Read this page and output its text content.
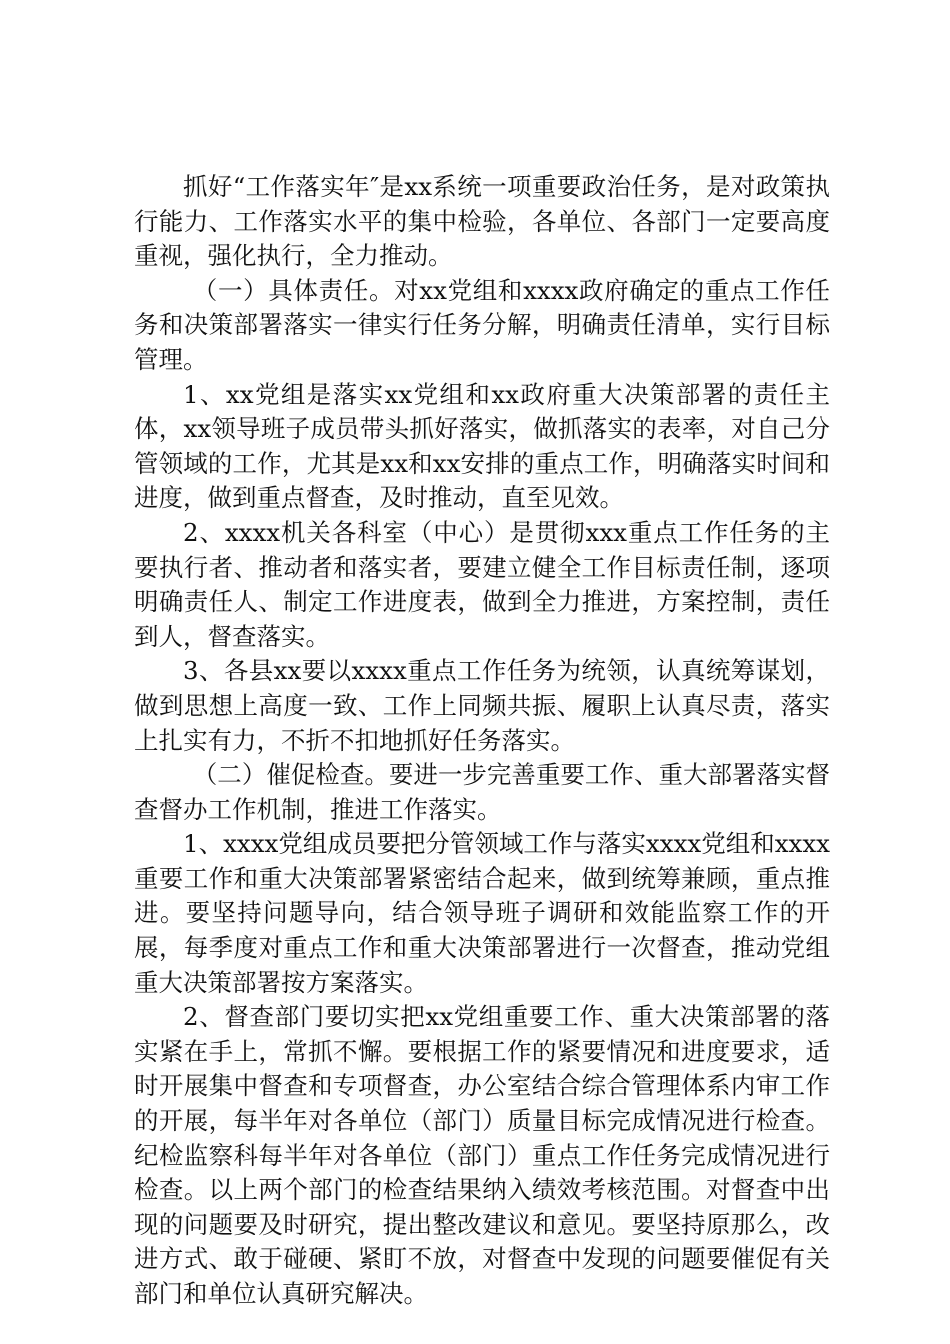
抓好“工作落实年″是xx系统一项重要政治任务，是对政策执行能力、工作落实水平的集中检验，各单位、各部门一定要高度重视，强化执行，全力推动。

（一）具体责任。对xx党组和xxxx政府确定的重点工作任务和决策部署落实一律实行任务分解，明确责任清单，实行目标管理。

1、xx党组是落实xx党组和xx政府重大决策部署的责任主体，xx领导班子成员带头抓好落实，做抓落实的表率，对自己分管领域的工作，尤其是xx和xx安排的重点工作，明确落实时间和进度，做到重点督查，及时推动，直至见效。

2、xxxx机关各科室（中心）是贯彻xxx重点工作任务的主要执行者、推动者和落实者，要建立健全工作目标责任制，逐项明确责任人、制定工作进度表，做到全力推进，方案控制，责任到人，督查落实。

3、各县xx要以xxxx重点工作任务为统领，认真统筹谋划，做到思想上高度一致、工作上同频共振、履职上认真尽责，落实上扎实有力，不折不扣地抓好任务落实。

（二）催促检查。要进一步完善重要工作、重大部署落实督查督办工作机制，推进工作落实。

1、xxxx党组成员要把分管领域工作与落实xxxx党组和xxxx重要工作和重大决策部署紧密结合起来，做到统筹兼顾，重点推进。要坚持问题导向，结合领导班子调研和效能监察工作的开展，每季度对重点工作和重大决策部署进行一次督查，推动党组重大决策部署按方案落实。

2、督查部门要切实把xx党组重要工作、重大决策部署的落实紧在手上，常抓不懈。要根据工作的紧要情况和进度要求，适时开展集中督查和专项督查，办公室结合综合管理体系内审工作的开展，每半年对各单位（部门）质量目标完成情况进行检查。纪检监察科每半年对各单位（部门）重点工作任务完成情况进行检查。以上两个部门的检查结果纳入绩效考核范围。对督查中出现的问题要及时研究，提出整改建议和意见。要坚持原那么，改进方式、敢于碰硬、紧盯不放，对督查中发现的问题要催促有关部门和单位认真研究解决。
